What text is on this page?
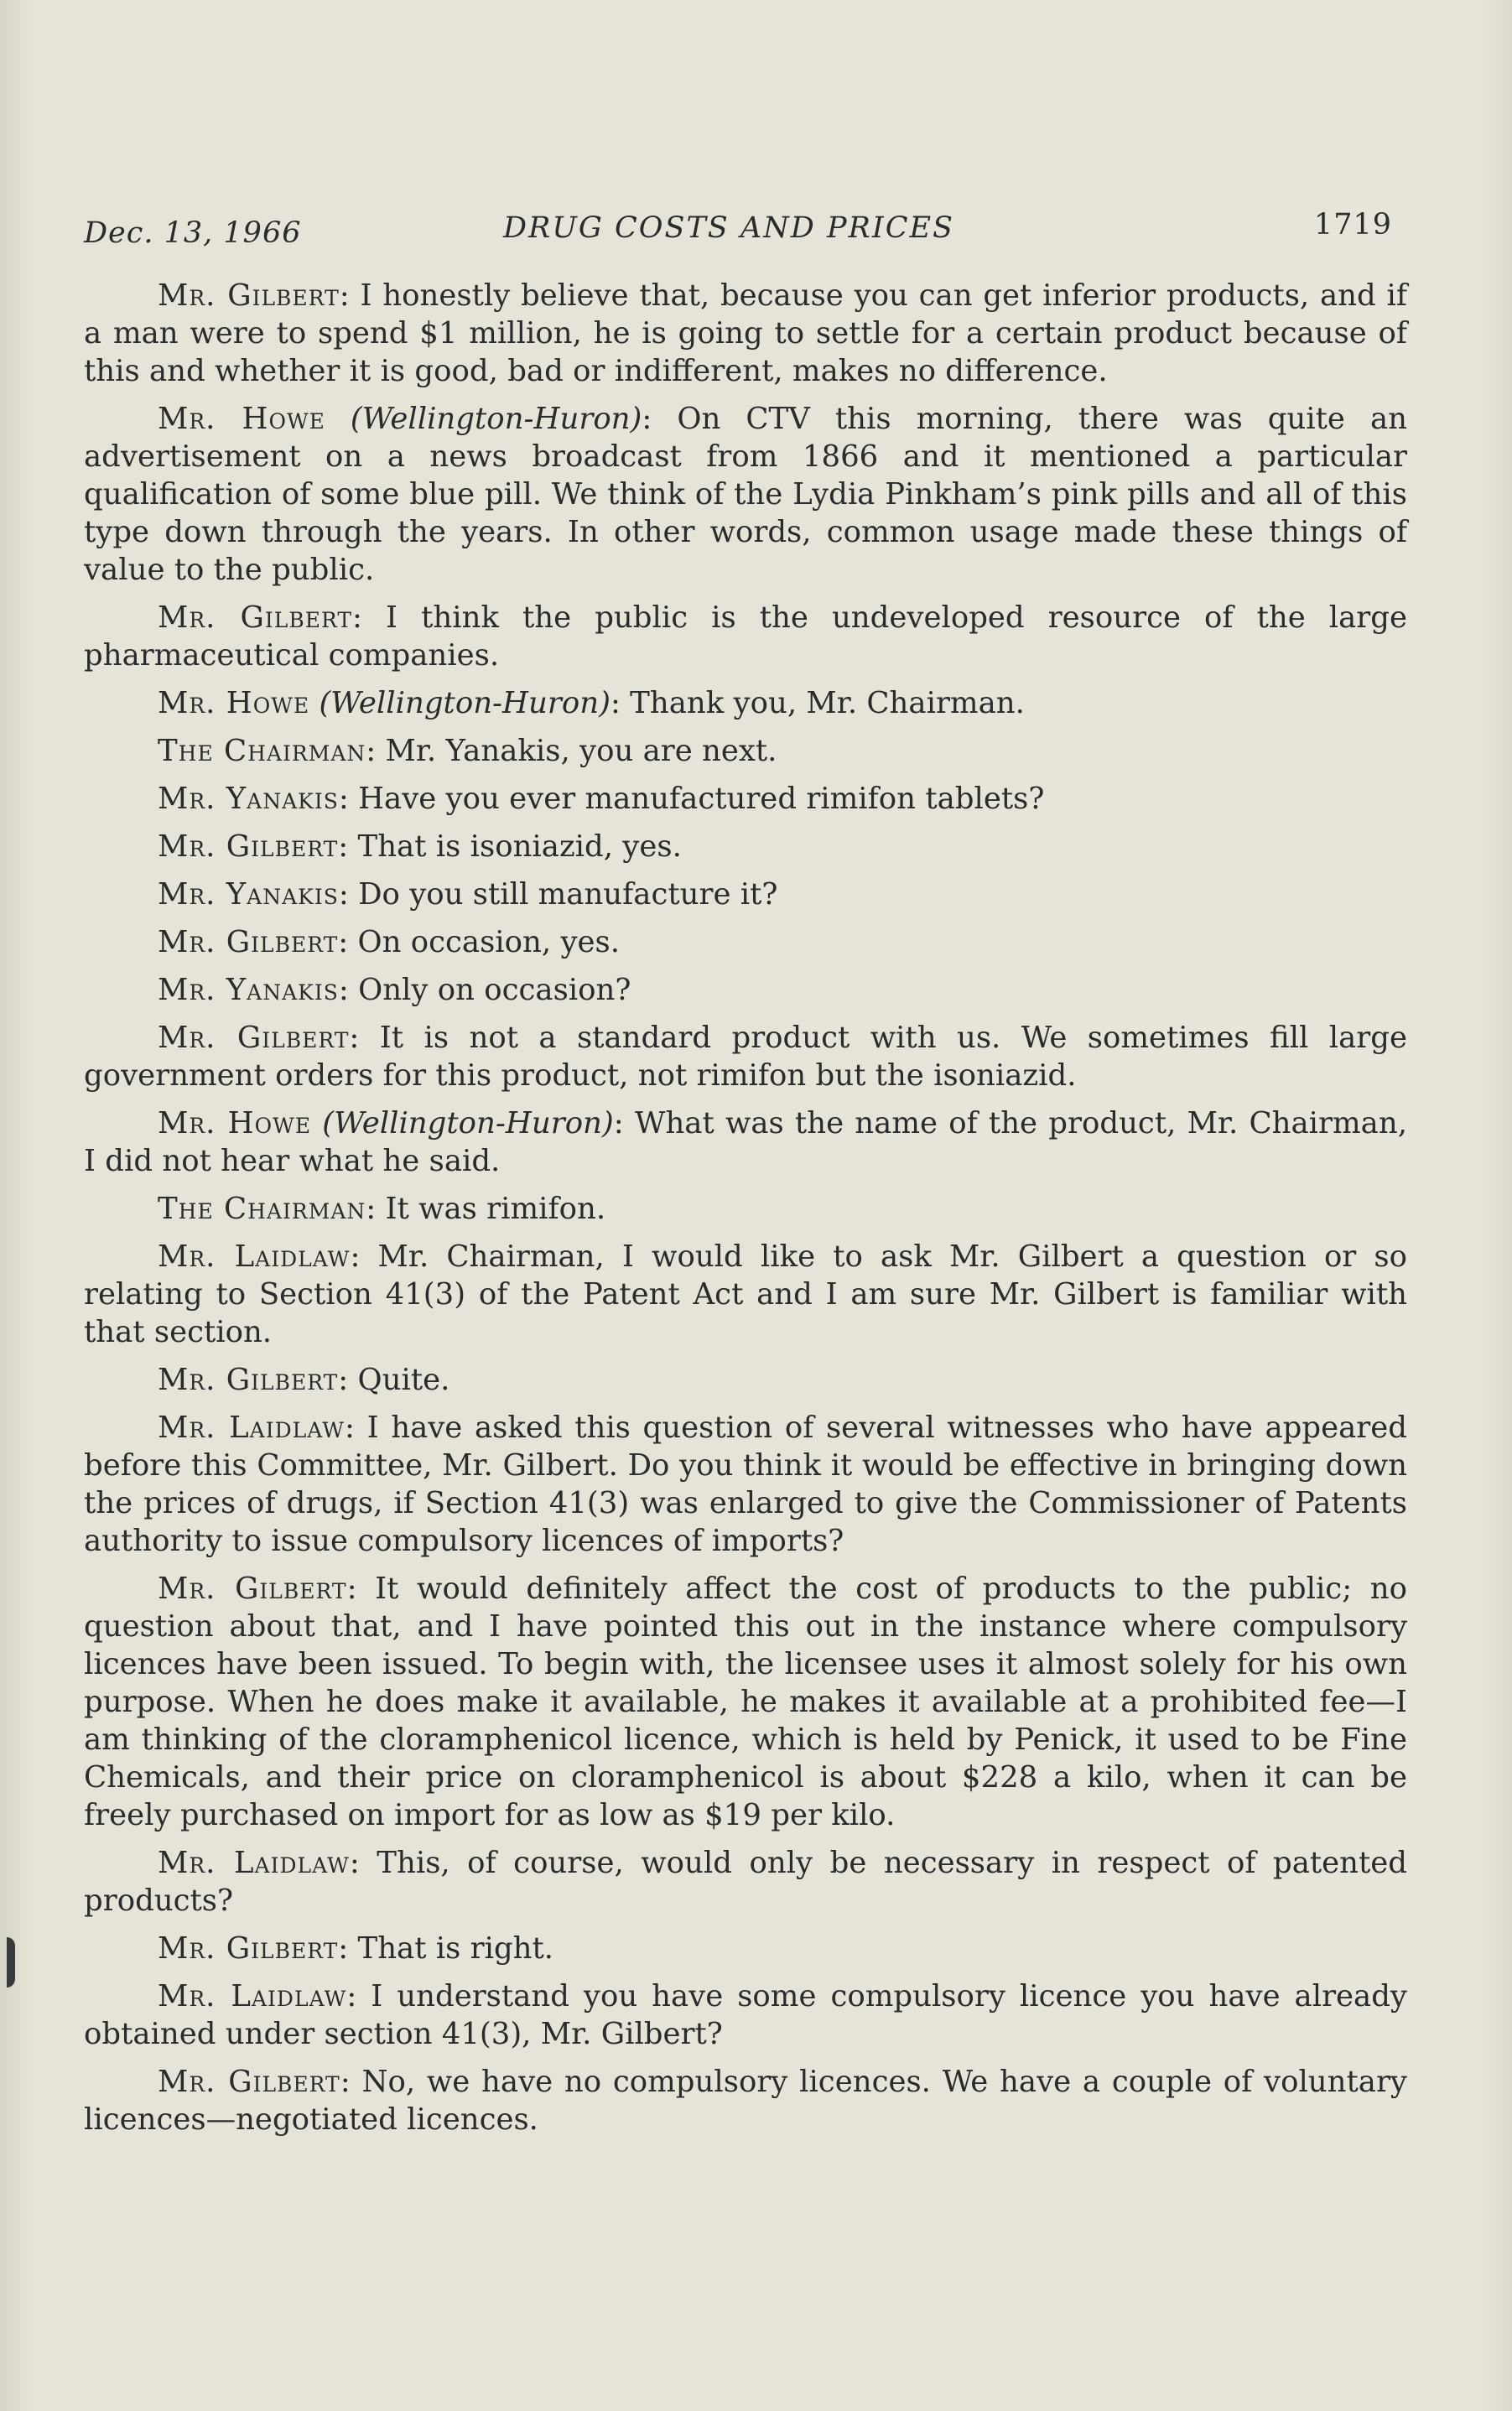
Dec. 13, 1966	DRUG COSTS AND PRICES	1719

Mr. Gilbert: I honestly believe that, because you can get inferior products, and if a man were to spend $1 million, he is going to settle for a certain product because of this and whether it is good, bad or indifferent, makes no difference.

Mr. Howe (Wellington-Huron): On CTV this morning, there was quite an advertisement on a news broadcast from 1866 and it mentioned a particular qualification of some blue pill. We think of the Lydia Pinkham’s pink pills and all of this type down through the years. In other words, common usage made these things of value to the public.

Mr. Gilbert: I think the public is the undeveloped resource of the large pharmaceutical companies.

Mr. Howe (Wellington-Huron): Thank you, Mr. Chairman.

The Chairman: Mr. Yanakis, you are next.

Mr. Yanakis: Have you ever manufactured rimifon tablets?

Mr. Gilbert: That is isoniazid, yes.

Mr. Yanakis: Do you still manufacture it?

Mr. Gilbert: On occasion, yes.

Mr. Yanakis: Only on occasion?

Mr. Gilbert: It is not a standard product with us. We sometimes fill large government orders for this product, not rimifon but the isoniazid.

Mr. Howe (Wellington-Huron): What was the name of the product, Mr. Chairman, I did not hear what he said.

The Chairman: It was rimifon.

Mr. Laidlaw: Mr. Chairman, I would like to ask Mr. Gilbert a question or so relating to Section 41(3) of the Patent Act and I am sure Mr. Gilbert is familiar with that section.

Mr. Gilbert: Quite.

Mr. Laidlaw: I have asked this question of several witnesses who have appeared before this Committee, Mr. Gilbert. Do you think it would be effective in bringing down the prices of drugs, if Section 41(3) was enlarged to give the Commissioner of Patents authority to issue compulsory licences of imports?

Mr. Gilbert: It would definitely affect the cost of products to the public; no question about that, and I have pointed this out in the instance where compulsory licences have been issued. To begin with, the licensee uses it almost solely for his own purpose. When he does make it available, he makes it available at a prohibited fee—I am thinking of the cloramphenicol licence, which is held by Penick, it used to be Fine Chemicals, and their price on cloramphenicol is about $228 a kilo, when it can be freely purchased on import for as low as $19 per kilo.

Mr. Laidlaw: This, of course, would only be necessary in respect of patented products?

Mr. Gilbert: That is right.

Mr. Laidlaw: I understand you have some compulsory licence you have already obtained under section 41(3), Mr. Gilbert?

Mr. Gilbert: No, we have no compulsory licences. We have a couple of voluntary licences—negotiated licences.
